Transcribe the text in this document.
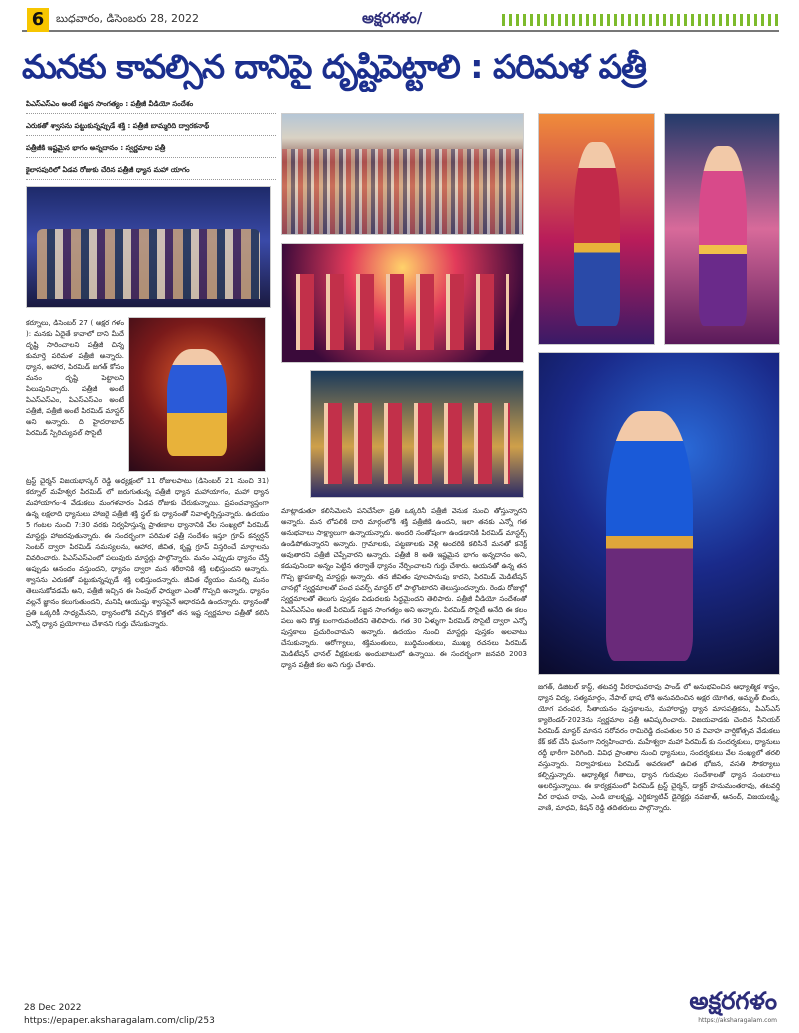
6	బుధవారం, డిసెంబరు 28, 2022	అక్షరగళం/
మనకు కావల్సిన దానిపై దృష్టిపెట్టాలి : పరిమళ పత్రీ
పిఎస్ఎస్ఎం అంటే సజ్జన సాంగత్యం : పత్రీజీ వీడియో సందేశం
ఎరుకతో శ్వాసను పట్టుకున్నప్పుడే శక్తి : పత్రీజీ బామ్మరిది ద్వారకనాథ్
పత్రీజీకి ఇష్టమైన భాగం అన్నదానం : స్వర్ణమాల పత్రీ
కైలాసపురిలో ఏడవ రోజుకు చేరిన పత్రీజీ ధ్యాన మహా యాగం

కర్నూలు, డిసెంబర్ 27 ( అక్షర గళం ): మనకు ఏదైతే కావాలో దాని మీదే దృష్టి సారించాలని పత్రీజీ చిన్న కుమార్తె పరిమళ పత్రీజీ అన్నారు. ధ్యాన, ఆహార, పిరమిడ్ జగత్ కోసం మనం దృష్టి పెట్టాలని పిలుపునిచ్చారు. పత్రీజీ అంటే పిఎస్ఎస్ఎం, పిఎస్ఎస్ఎం అంటే పత్రీజీ, పత్రీజీ అంటే పిరమిడ్ మాస్టర్ అని అన్నారు. ది హైదరాబాద్ పిరమిడ్ స్పిరిచ్యువల్ సొసైటీ

ట్రస్ట్ చైర్మన్ విజయభాస్కర్ రెడ్డి అధ్యక్షంలో 11 రోజులపాటు (డిసెంబర్ 21 నుంచి 31) కర్నూల్ మహేశ్వర పిరమిడ్ లో జరుగుతున్న పత్రీజీ ధ్యాన మహాయాగం, మహా ధ్యాన మహాయాగం-4 వేడుకలు మంగళవారం ఏడవ రోజుకు చేరుకున్నాయి. ప్రపంచవ్యాప్తంగా ఉన్న లక్షలాది ధ్యానులు హాజరై పత్రీజీ శక్తి స్థల్ కు ధ్యానంతో నివాళ్ళర్పిస్తున్నారు. ఉదయం 5 గంటల నుంచి 7:30 వరకు నిర్వహిస్తున్న ప్రాతఃకాల ధ్యానానికి వేల సంఖ్యలో పిరమిడ్ మాస్టర్లు హాజరవుతున్నారు. ఈ సందర్భంగా పరిమళ పత్రీ సందేశం ఇస్తూ గ్రూప్ కన్వర్షన్ సెంటర్ ద్వారా పిరమిడ్ సమస్యలను, ఆహార, జీవిత, కృష్ణ గ్రూప్ విస్తరించే మార్గాలను వివరించారు. పిఎస్ఎస్ఎంలో పలువురు మాస్టర్లు పాల్గొన్నారు. మనం ఎప్పుడు ధ్యానం చేస్తే అప్పుడు ఆనందం వస్తుందని, ధ్యానం ద్వారా మన శరీరానికి శక్తి లభిస్తుందని అన్నారు. శ్వాసను ఎరుకతో పట్టుకున్నప్పుడే శక్తి లభిస్తుందన్నారు. జీవిత ధ్యేయం మనల్ని మనం తెలుసుకోవడమే అని, పత్రీజీ ఇచ్చిన ఈ సింపుల్ ఫార్ములా ఎంతో గొప్పది అన్నారు. ధ్యానం వల్లనే జ్ఞానం కలుగుతుందని, మనిషి ఆయుష్షు శ్వాసపైనే ఆధారపడి ఉందన్నారు. ధ్యానంతో ప్రతి ఒక్కరికీ సాధ్యమేనని, ధ్యానంలోకి వచ్చిన కొత్తలో తన ఇష్ట స్వర్ణమాల పత్రీతో కలిసి ఎన్నో ధ్యాన ప్రయోగాలు చేశానని గుర్తు చేసుకున్నారు.

మాట్లాడుతూ కలిసిమెలసి పనిచేసేలా ప్రతి ఒక్కరినీ పత్రీజీ వెనుక నుంచి తోస్తున్నారని అన్నారు. మన లోపలికి దారి మార్గంలోకి శక్తి పత్రీజీకి ఉందని, ఇలా తనకు ఎన్నో గత అనుభవాలు సాక్ష్యాలుగా ఉన్నాయన్నారు. అందరి సంతోషంగా ఉండడానికి పిరమిడ్ మాస్టర్స్ ఉండిపోతున్నారని అన్నారు. గ్రామాలకు, పట్టణాలకు వెళ్లి అందరికి కలిసినే మనతో కనెక్ట్ అవుతారని పత్రీజీ చెప్పేవారని అన్నారు. పత్రీజీ 8 అతి ఇష్టమైన భాగం అన్నదానం అని, కడుపునిండా అన్నం పెట్టిన తర్వాతే ధ్యానం నేర్పించాలని గుర్తు చేశారు. ఆయనతో ఉన్న తన గొప్ప జ్ఞాపకాల్ని మాస్టర్లు అన్నారు. తన జీవితం పూలపానుపు కాదని, పిరమిడ్ మెడిటేషన్ చానల్లో స్వర్ణమాలతో పంచ పవర్స్ మాస్టర్ లో పాల్గొంటారని తెలుస్తుందన్నారు. రెండు రోజుల్లో స్వర్ణమాలతో తెలుగు పుస్తకం విడుదలకు సిద్ధమైందని తెలిపారు. పత్రీజీ వీడియో సందేశంతో పిఎస్ఎస్ఎం అంటే పిరమిడ్ సజ్జన సాంగత్యం అని అన్నారు. పిరమిడ్ సొసైటీ అనేది ఈ కలం పలు అని కొత్త బంగారువంటిదని తెలిపారు. గత 30 ఏళ్ళుగా పిరమిడ్ సొసైటీ ద్వారా ఎన్నో పుస్తకాలు ప్రచురించామని అన్నారు. ఉదయం నుంచి మాస్టర్లు పుస్తకం అలవాటు చేసుకున్నారు. ఆరోగ్యాలు, శక్తిమంతులు, బుద్ధిమంతులు, ముఖ్య రచనలు పిరమిడ్ మెడిటేషన్ ఛానల్ వీక్షకులకు అందుబాటులో ఉన్నాయి. ఈ సందర్భంగా జనవరి 2003 ధ్యాన పత్రీజీ కల అని గుర్తు చేశారు.

జగత్, డిజిటల్ కాస్ట్, తటవర్తి వీరరాఘవరావు పాండ్ లో అనుభవించిన ఆధ్యాత్మిక శాస్త్రం, ధ్యాన విద్య, సత్యమార్గం, నేపాల్ భాష లోకి అనువదించిన అక్షర యోగిత, అమృత్ బిందు, యోగ పరంపర, సీతాయనం పుస్తకాలను, మహారాష్ట్ర ధ్యాన మాసపత్రికను, పిఎస్ఎస్ క్యాలెండర్-2023ను స్వర్ణమాల పత్రీ ఆవిష్కరించారు. విజయవాడకు చెందిన సీనియర్ పిరమిడ్ మాస్టర్ మానస సరోవరం రామిరెడ్డి దంపతుల 50 వ వివాహ వార్షికోత్సవ వేడుకలు కేక్ కట్ చేసి ఘనంగా నిర్వహించారు. మహేశ్వరా మహా పిరమిడ్ కు సందర్శకులు, ధ్యానులు రద్దీ భారీగా పెరిగింది. వివిధ ప్రాంతాల నుంచి ధ్యానులు, సందర్శకులు వేల సంఖ్యలో తరలి వస్తున్నారు. నిర్వాహకులు పిరమిడ్ ఆవరణలో ఉచిత భోజన, వసతి సౌకర్యాలు కల్పిస్తున్నారు. ఆధ్యాత్మిక గీతాలు, ధ్యాన గురువుల సందేశాలతో ధ్యాన సంబరాలు అలరిస్తున్నాయి. ఈ కార్యక్రమంలో పిరమిడ్ ట్రస్ట్ చైర్మన్, డాక్టర్ హనుమంతరావు, తటవర్తి వీర రాఘవ రావు, ఎండి బాలకృష్ణ, ఎగ్జిక్యూటివ్ డైరెక్టర్లు నవజాత్, ఆనంద్, విజయలక్ష్మి, వాణి, మాధవి, కిషన్ రెడ్డి తదితరులు పాల్గొన్నారు.

28 Dec 2022
https://epaper.aksharagalam.com/clip/253
అక్షరగళం
https://aksharagalam.com
